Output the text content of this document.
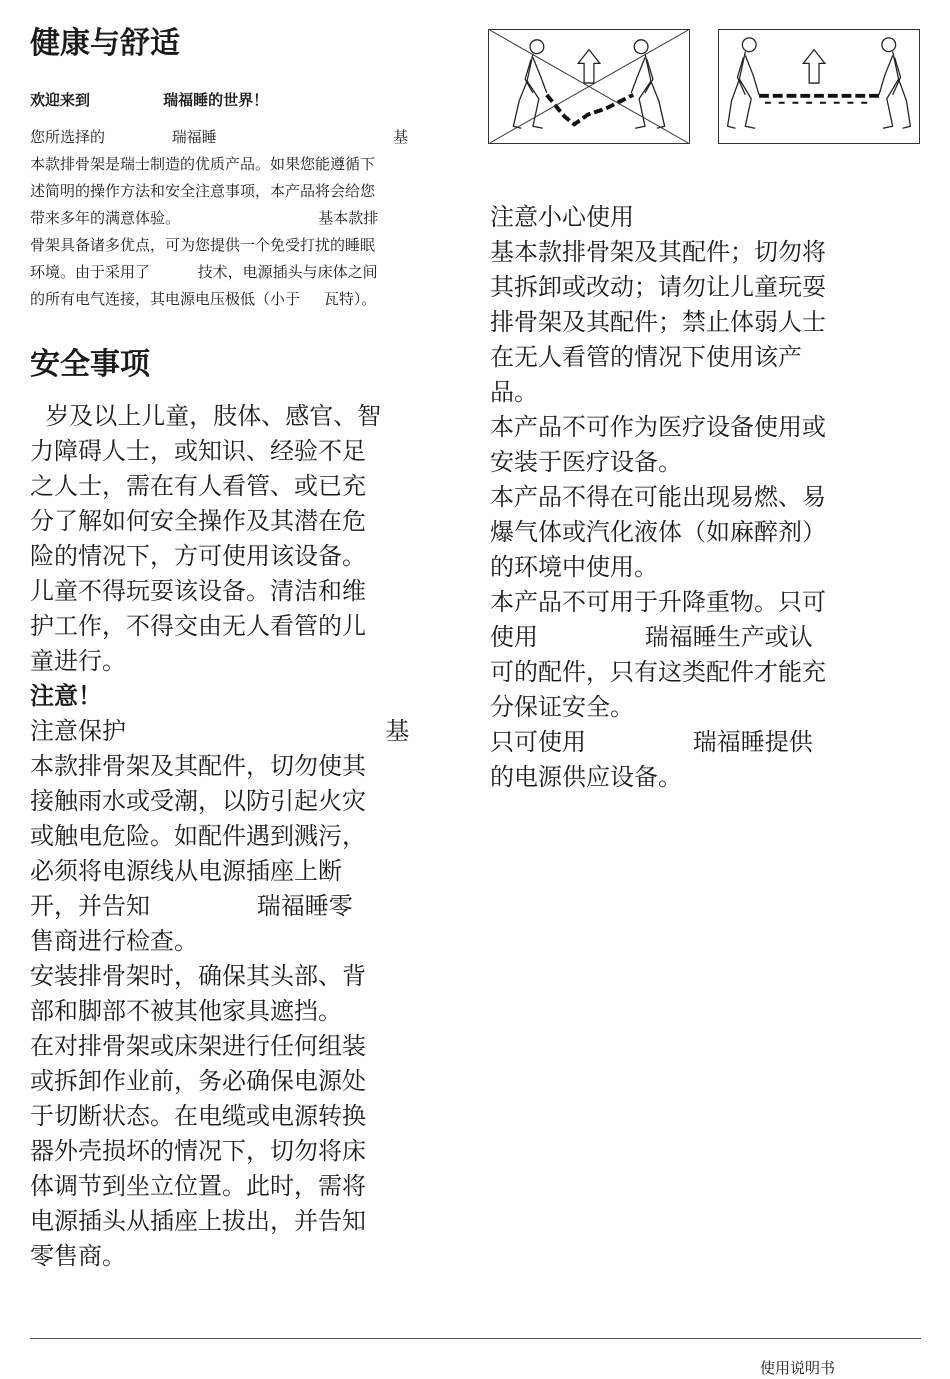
健康与舒适
欢迎来到              瑞福睡的世界！

您所选择的              瑞福睡                                     基

本款排骨架是瑞士制造的优质产品。如果您能遵循下

述简明的操作方法和安全注意事项，本产品将会给您

带来多年的满意体验。                             基本款排

骨架具备诸多优点，可为您提供一个免受打扰的睡眠

环境。由于采用了          技术，电源插头与床体之间

的所有电气连接，其电源电压极低（小于     瓦特）。

安全事项

岁及以上儿童，肢体、感官、智

力障碍人士，或知识、经验不足

之人士，需在有人看管、或已充

分了解如何安全操作及其潜在危

险的情况下，方可使用该设备。

儿童不得玩耍该设备。清洁和维

护工作，不得交由无人看管的儿

童进行。

注意！

注意保护                                  基

本款排骨架及其配件，切勿使其

接触雨水或受潮，以防引起火灾

或触电危险。如配件遇到溅污，

必须将电源线从电源插座上断

开，并告知              瑞福睡零

售商进行检查。

安装排骨架时，确保其头部、背

部和脚部不被其他家具遮挡。

在对排骨架或床架进行任何组装

或拆卸作业前，务必确保电源处

于切断状态。在电缆或电源转换

器外壳损坏的情况下，切勿将床

体调节到坐立位置。此时，需将

电源插头从插座上拔出，并告知

零售商。

注意小心使用

基本款排骨架及其配件；切勿将

其拆卸或改动；请勿让儿童玩耍

排骨架及其配件；禁止体弱人士

在无人看管的情况下使用该产

品。

本产品不可作为医疗设备使用或

安装于医疗设备。

本产品不得在可能出现易燃、易

爆气体或汽化液体（如麻醉剂）

的环境中使用。

本产品不可用于升降重物。只可

使用              瑞福睡生产或认

可的配件，只有这类配件才能充

分保证安全。

只可使用              瑞福睡提供

的电源供应设备。

使用说明书
